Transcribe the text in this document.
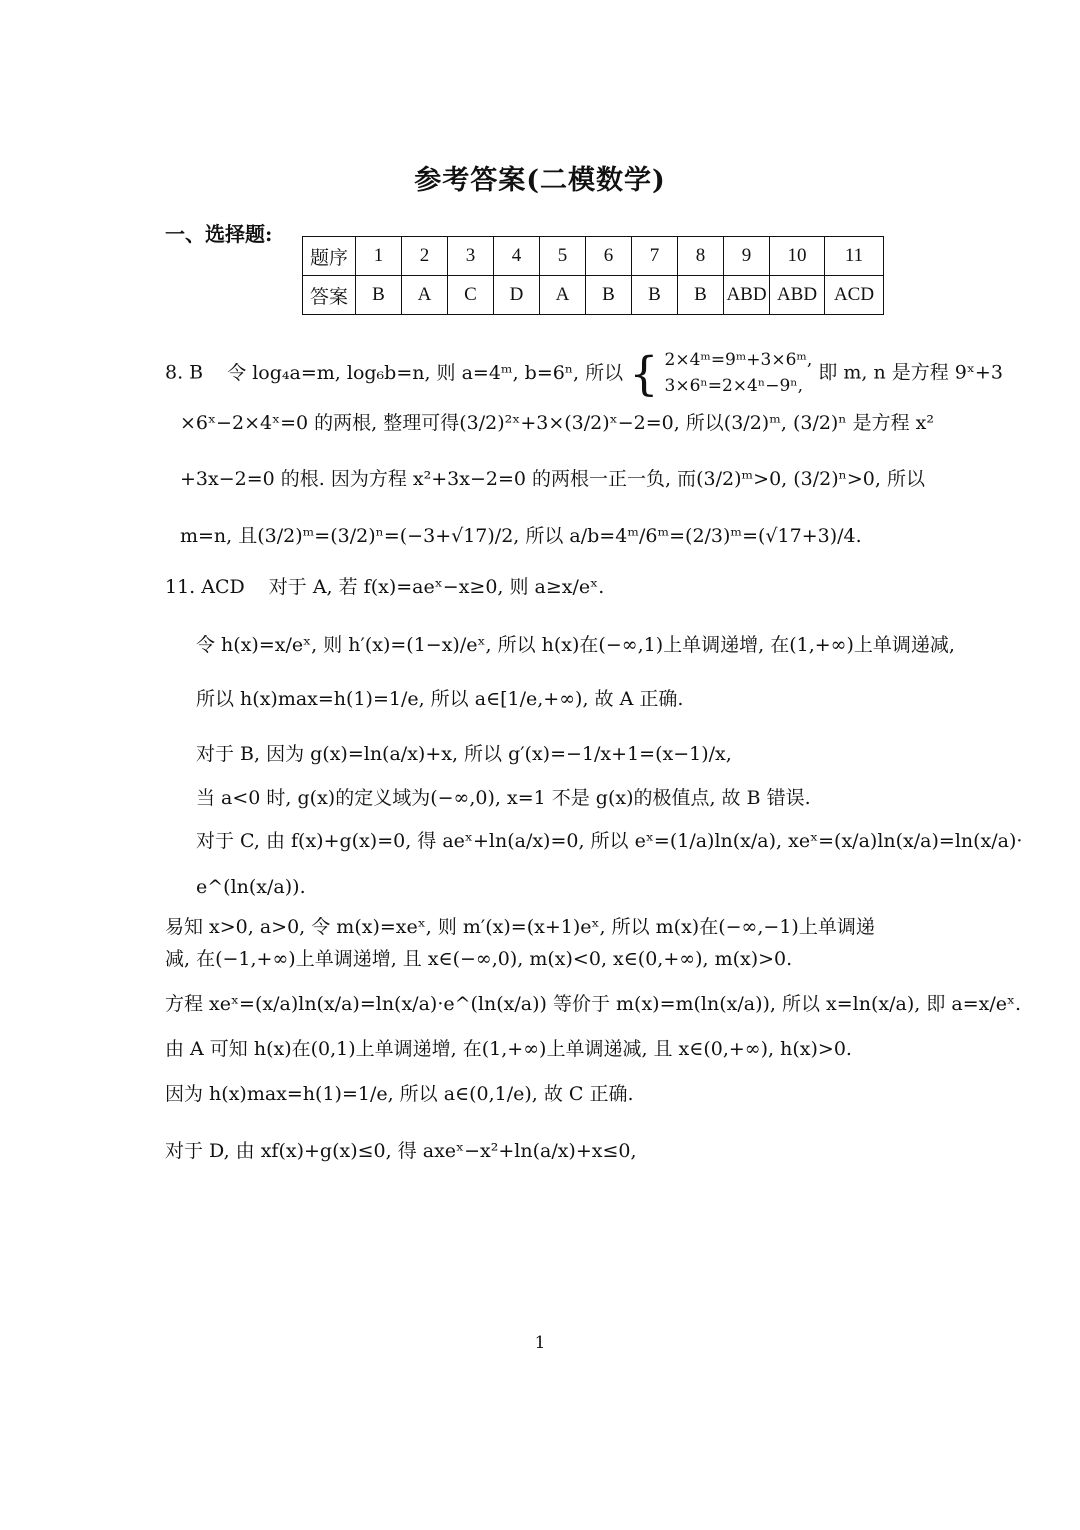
参考答案(二模数学)
一、选择题:
题序	1	2	3	4	5	6	7	8	9	10	11
答案	B	A	C	D	A	B	B	B	ABD	ABD	ACD
8. B 令 log₄a=m, log₆b=n, 则 a=4ᵐ, b=6ⁿ, 所以 { 2×4ᵐ=9ᵐ+3×6ᵐ,
3×6ⁿ=2×4ⁿ−9ⁿ,
即 m, n 是方程 9ˣ+3
×6ˣ−2×4ˣ=0 的两根, 整理可得(3/2)²ˣ+3×(3/2)ˣ−2=0, 所以(3/2)ᵐ, (3/2)ⁿ 是方程 x²
+3x−2=0 的根. 因为方程 x²+3x−2=0 的两根一正一负, 而(3/2)ᵐ>0, (3/2)ⁿ>0, 所以
m=n, 且(3/2)ᵐ=(3/2)ⁿ=(−3+√17)/2, 所以 a/b=4ᵐ/6ᵐ=(2/3)ᵐ=(√17+3)/4.
11. ACD 对于 A, 若 f(x)=aeˣ−x≥0, 则 a≥x/eˣ.
令 h(x)=x/eˣ, 则 h′(x)=(1−x)/eˣ, 所以 h(x)在(−∞,1)上单调递增, 在(1,+∞)上单调递减,
所以 h(x)max=h(1)=1/e, 所以 a∈[1/e,+∞), 故 A 正确.
对于 B, 因为 g(x)=ln(a/x)+x, 所以 g′(x)=−1/x+1=(x−1)/x,
当 a<0 时, g(x)的定义域为(−∞,0), x=1 不是 g(x)的极值点, 故 B 错误.
对于 C, 由 f(x)+g(x)=0, 得 aeˣ+ln(a/x)=0, 所以 eˣ=(1/a)ln(x/a), xeˣ=(x/a)ln(x/a)=ln(x/a)·
e^(ln(x/a)).
易知 x>0, a>0, 令 m(x)=xeˣ, 则 m′(x)=(x+1)eˣ, 所以 m(x)在(−∞,−1)上单调递
减, 在(−1,+∞)上单调递增, 且 x∈(−∞,0), m(x)<0, x∈(0,+∞), m(x)>0.
方程 xeˣ=(x/a)ln(x/a)=ln(x/a)·e^(ln(x/a)) 等价于 m(x)=m(ln(x/a)), 所以 x=ln(x/a), 即 a=x/eˣ.
由 A 可知 h(x)在(0,1)上单调递增, 在(1,+∞)上单调递减, 且 x∈(0,+∞), h(x)>0.
因为 h(x)max=h(1)=1/e, 所以 a∈(0,1/e), 故 C 正确.
对于 D, 由 xf(x)+g(x)≤0, 得 axeˣ−x²+ln(a/x)+x≤0,
1
